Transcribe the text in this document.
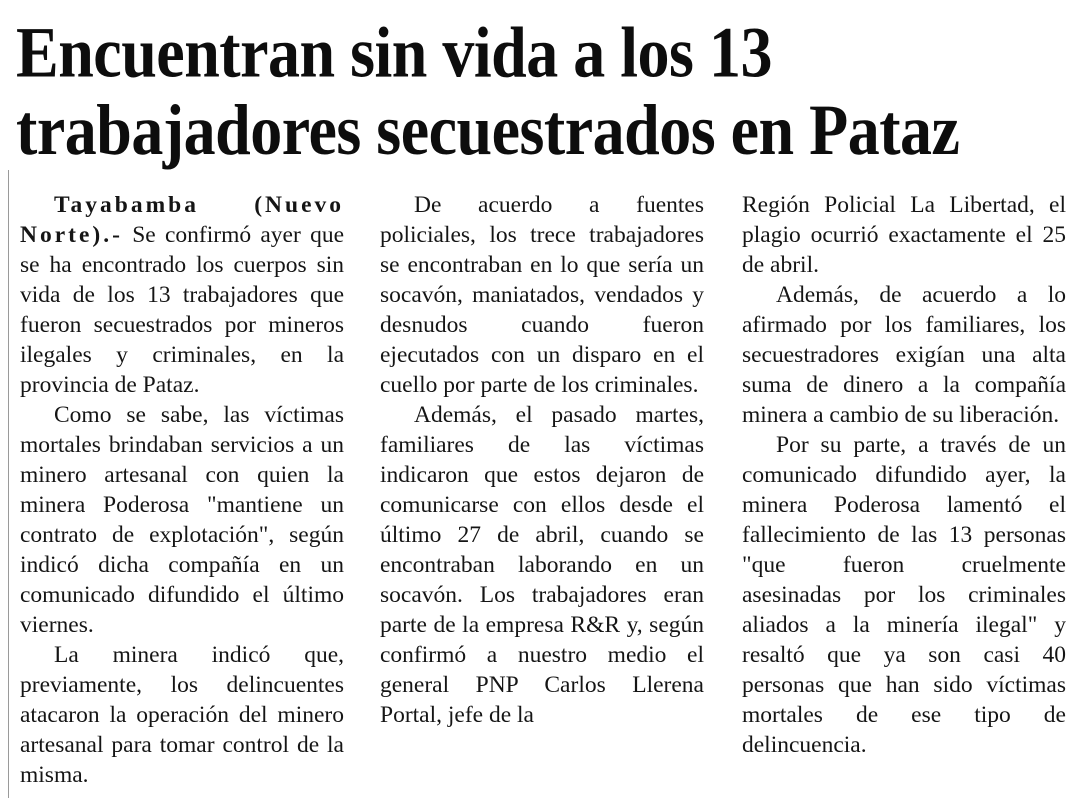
Encuentran sin vida a los 13 trabajadores secuestrados en Pataz

Tayabamba (Nuevo Norte).- Se confirmó ayer que se ha encontrado los cuerpos sin vida de los 13 trabajadores que fueron secuestrados por mineros ilegales y criminales, en la provincia de Pataz.

Como se sabe, las víctimas mortales brindaban servicios a un minero artesanal con quien la minera Poderosa "mantiene un contrato de explotación", según indicó dicha compañía en un comunicado difundido el último viernes.

La minera indicó que, previamente, los delincuentes atacaron la operación del minero artesanal para tomar control de la misma.

De acuerdo a fuentes policiales, los trece trabajadores se encontraban en lo que sería un socavón, maniatados, vendados y desnudos cuando fueron ejecutados con un disparo en el cuello por parte de los criminales.

Además, el pasado martes, familiares de las víctimas indicaron que estos dejaron de comunicarse con ellos desde el último 27 de abril, cuando se encontraban laborando en un socavón. Los trabajadores eran parte de la empresa R&R y, según confirmó a nuestro medio el general PNP Carlos Llerena Portal, jefe de la

Región Policial La Libertad, el plagio ocurrió exactamente el 25 de abril.

Además, de acuerdo a lo afirmado por los familiares, los secuestradores exigían una alta suma de dinero a la compañía minera a cambio de su liberación.

Por su parte, a través de un comunicado difundido ayer, la minera Poderosa lamentó el fallecimiento de las 13 personas "que fueron cruelmente asesinadas por los criminales aliados a la minería ilegal" y resaltó que ya son casi 40 personas que han sido víctimas mortales de ese tipo de delincuencia.
